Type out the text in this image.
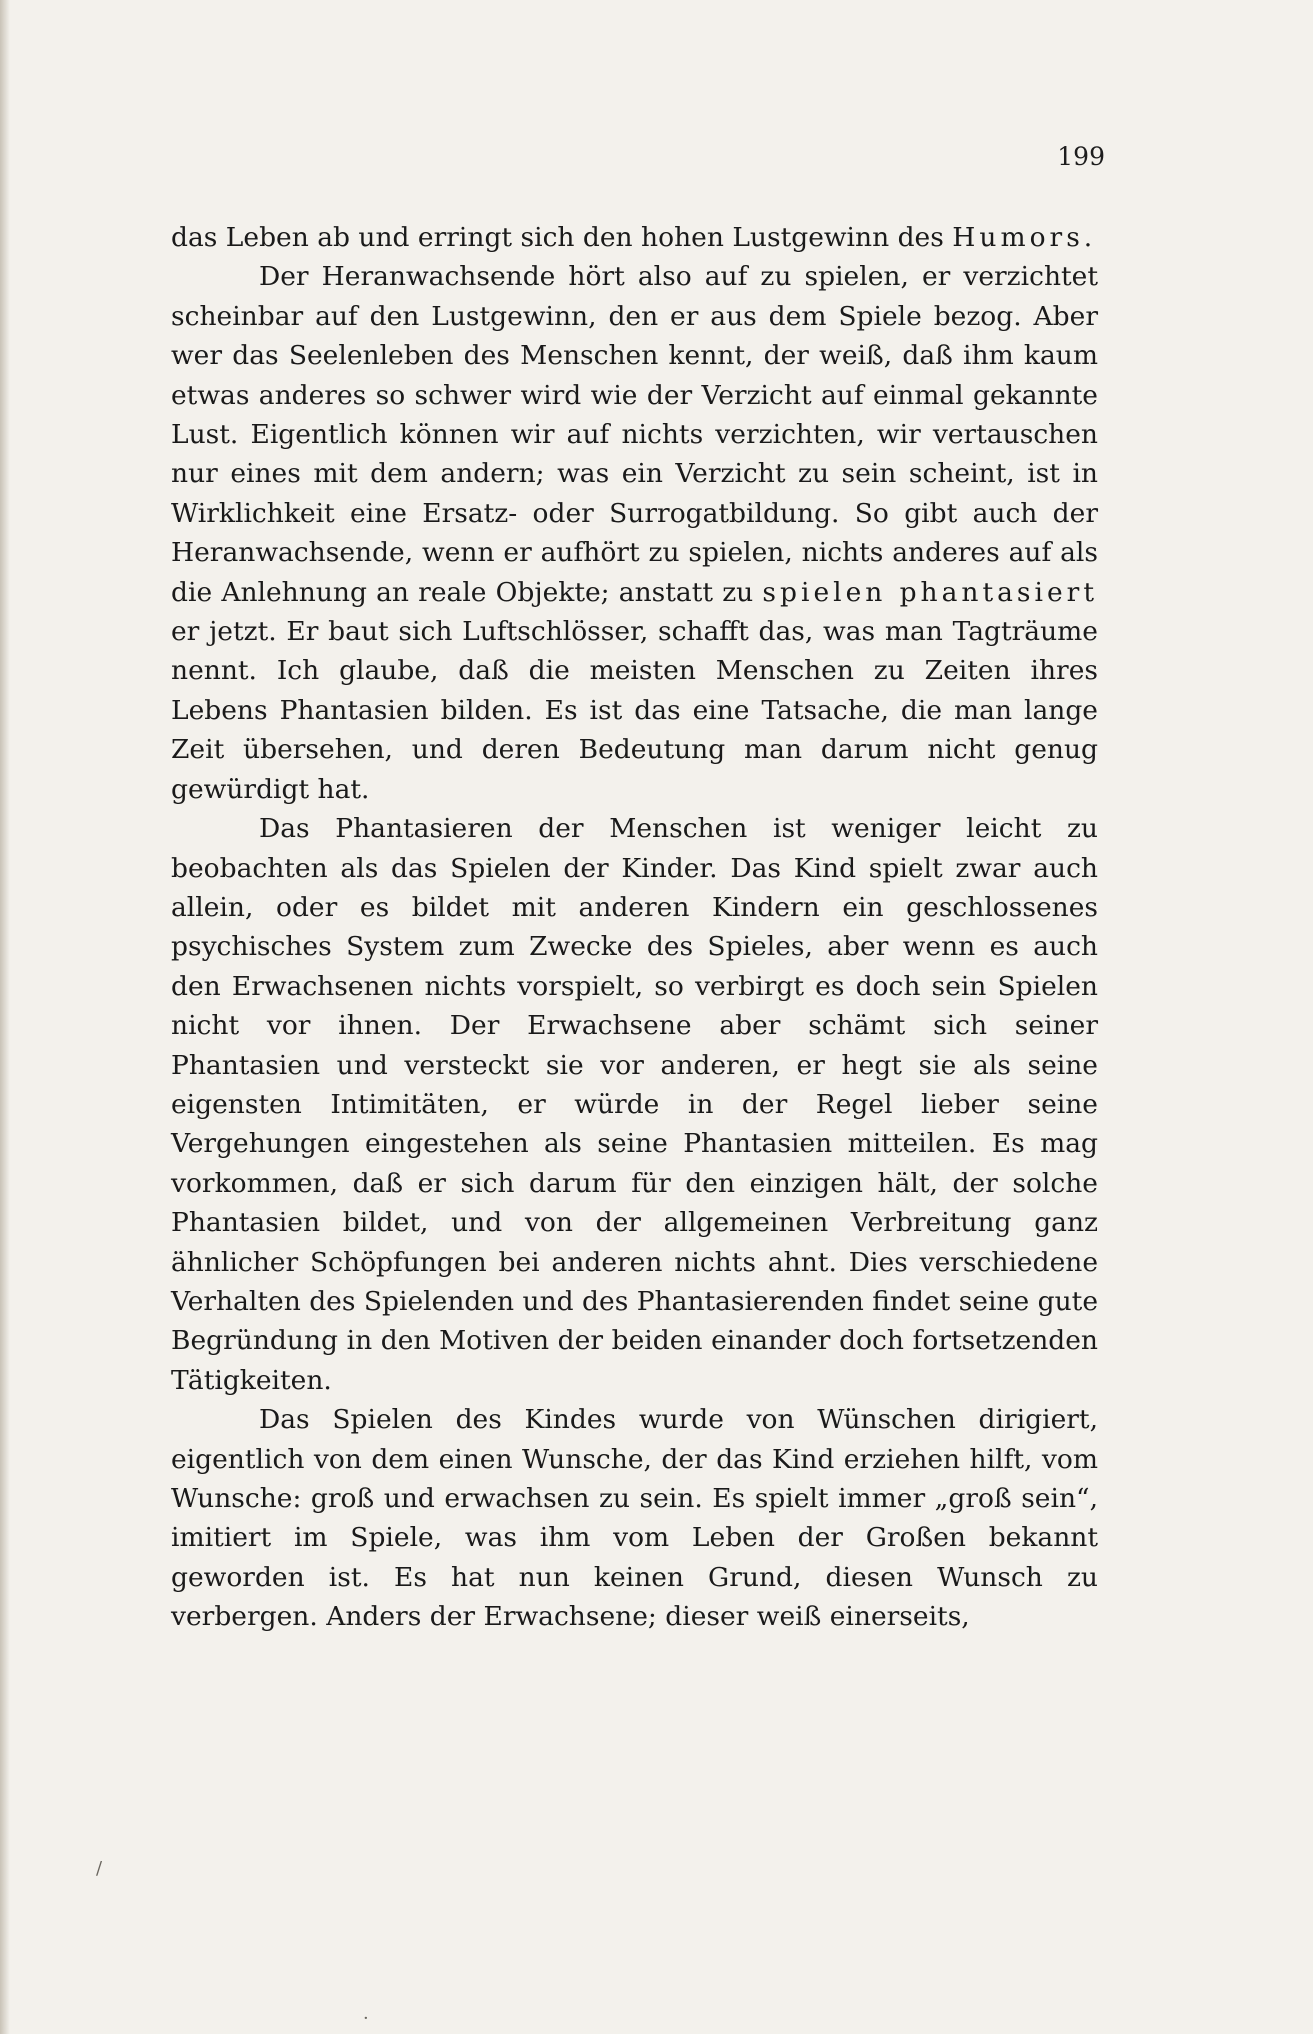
199

das Leben ab und erringt sich den hohen Lustgewinn des Humors.

Der Heranwachsende hört also auf zu spielen, er verzichtet scheinbar auf den Lustgewinn, den er aus dem Spiele bezog. Aber wer das Seelenleben des Menschen kennt, der weiß, daß ihm kaum etwas anderes so schwer wird wie der Verzicht auf einmal gekannte Lust. Eigentlich können wir auf nichts verzichten, wir vertauschen nur eines mit dem andern; was ein Verzicht zu sein scheint, ist in Wirklichkeit eine Ersatz- oder Surrogatbildung. So gibt auch der Heranwachsende, wenn er aufhört zu spielen, nichts anderes auf als die Anlehnung an reale Objekte; anstatt zu spielen phantasiert er jetzt. Er baut sich Luftschlösser, schafft das, was man Tagträume nennt. Ich glaube, daß die meisten Menschen zu Zeiten ihres Lebens Phantasien bilden. Es ist das eine Tatsache, die man lange Zeit übersehen, und deren Bedeutung man darum nicht genug gewürdigt hat.

Das Phantasieren der Menschen ist weniger leicht zu beobachten als das Spielen der Kinder. Das Kind spielt zwar auch allein, oder es bildet mit anderen Kindern ein geschlossenes psychisches System zum Zwecke des Spieles, aber wenn es auch den Erwachsenen nichts vorspielt, so verbirgt es doch sein Spielen nicht vor ihnen. Der Erwachsene aber schämt sich seiner Phantasien und versteckt sie vor anderen, er hegt sie als seine eigensten Intimitäten, er würde in der Regel lieber seine Vergehungen eingestehen als seine Phantasien mitteilen. Es mag vorkommen, daß er sich darum für den einzigen hält, der solche Phantasien bildet, und von der allgemeinen Verbreitung ganz ähnlicher Schöpfungen bei anderen nichts ahnt. Dies verschiedene Verhalten des Spielenden und des Phantasierenden findet seine gute Begründung in den Motiven der beiden einander doch fortsetzenden Tätigkeiten.

Das Spielen des Kindes wurde von Wünschen dirigiert, eigentlich von dem einen Wunsche, der das Kind erziehen hilft, vom Wunsche: groß und erwachsen zu sein. Es spielt immer „groß sein“, imitiert im Spiele, was ihm vom Leben der Großen bekannt geworden ist. Es hat nun keinen Grund, diesen Wunsch zu verbergen. Anders der Erwachsene; dieser weiß einerseits,

/
·
